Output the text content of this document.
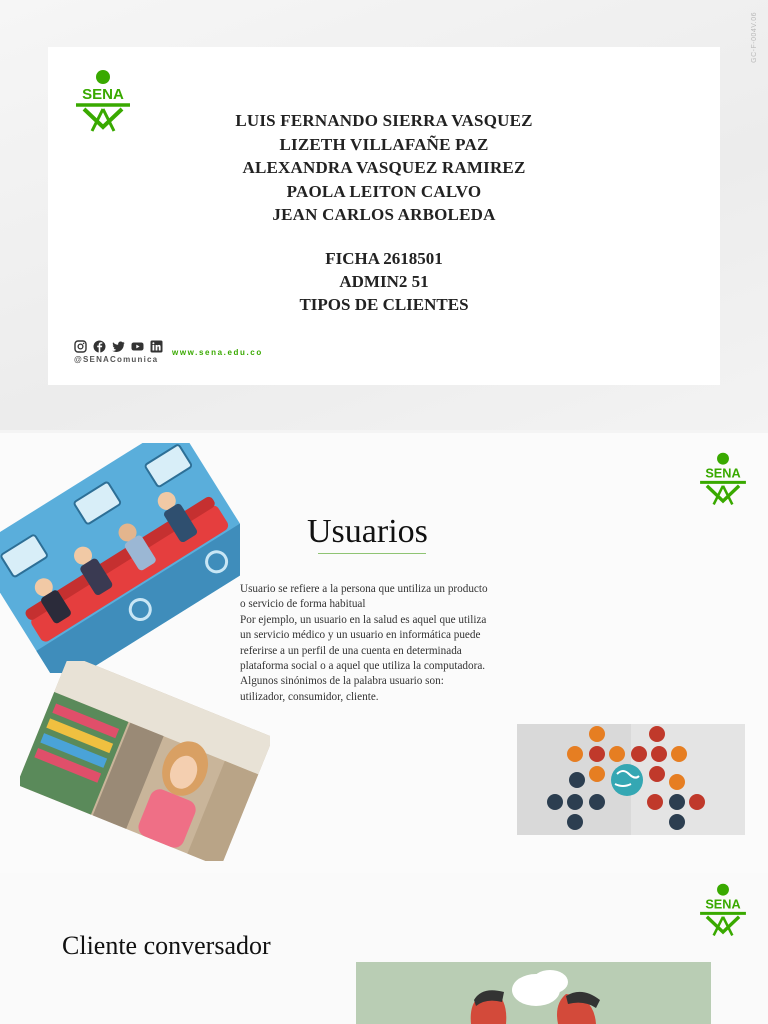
GC-F-004V.06
SENA
LUIS FERNANDO SIERRA VASQUEZ
LIZETH VILLAFAÑE PAZ
ALEXANDRA VASQUEZ RAMIREZ
PAOLA LEITON CALVO
JEAN CARLOS ARBOLEDA
FICHA 2618501
ADMIN2 51
TIPOS DE CLIENTES
@SENAComunica
www.sena.edu.co
SENA
Usuarios
Usuario se refiere a la persona que untiliza un producto
o servicio de forma habitual
Por ejemplo, un usuario en la salud es aquel que utiliza
un servicio médico y un usuario en informática puede
referirse a un perfil de una cuenta en determinada
plataforma social o a aquel que utiliza la computadora.
Algunos sinónimos de la palabra usuario son:
utilizador, consumidor, cliente.
SENA
Cliente conversador
